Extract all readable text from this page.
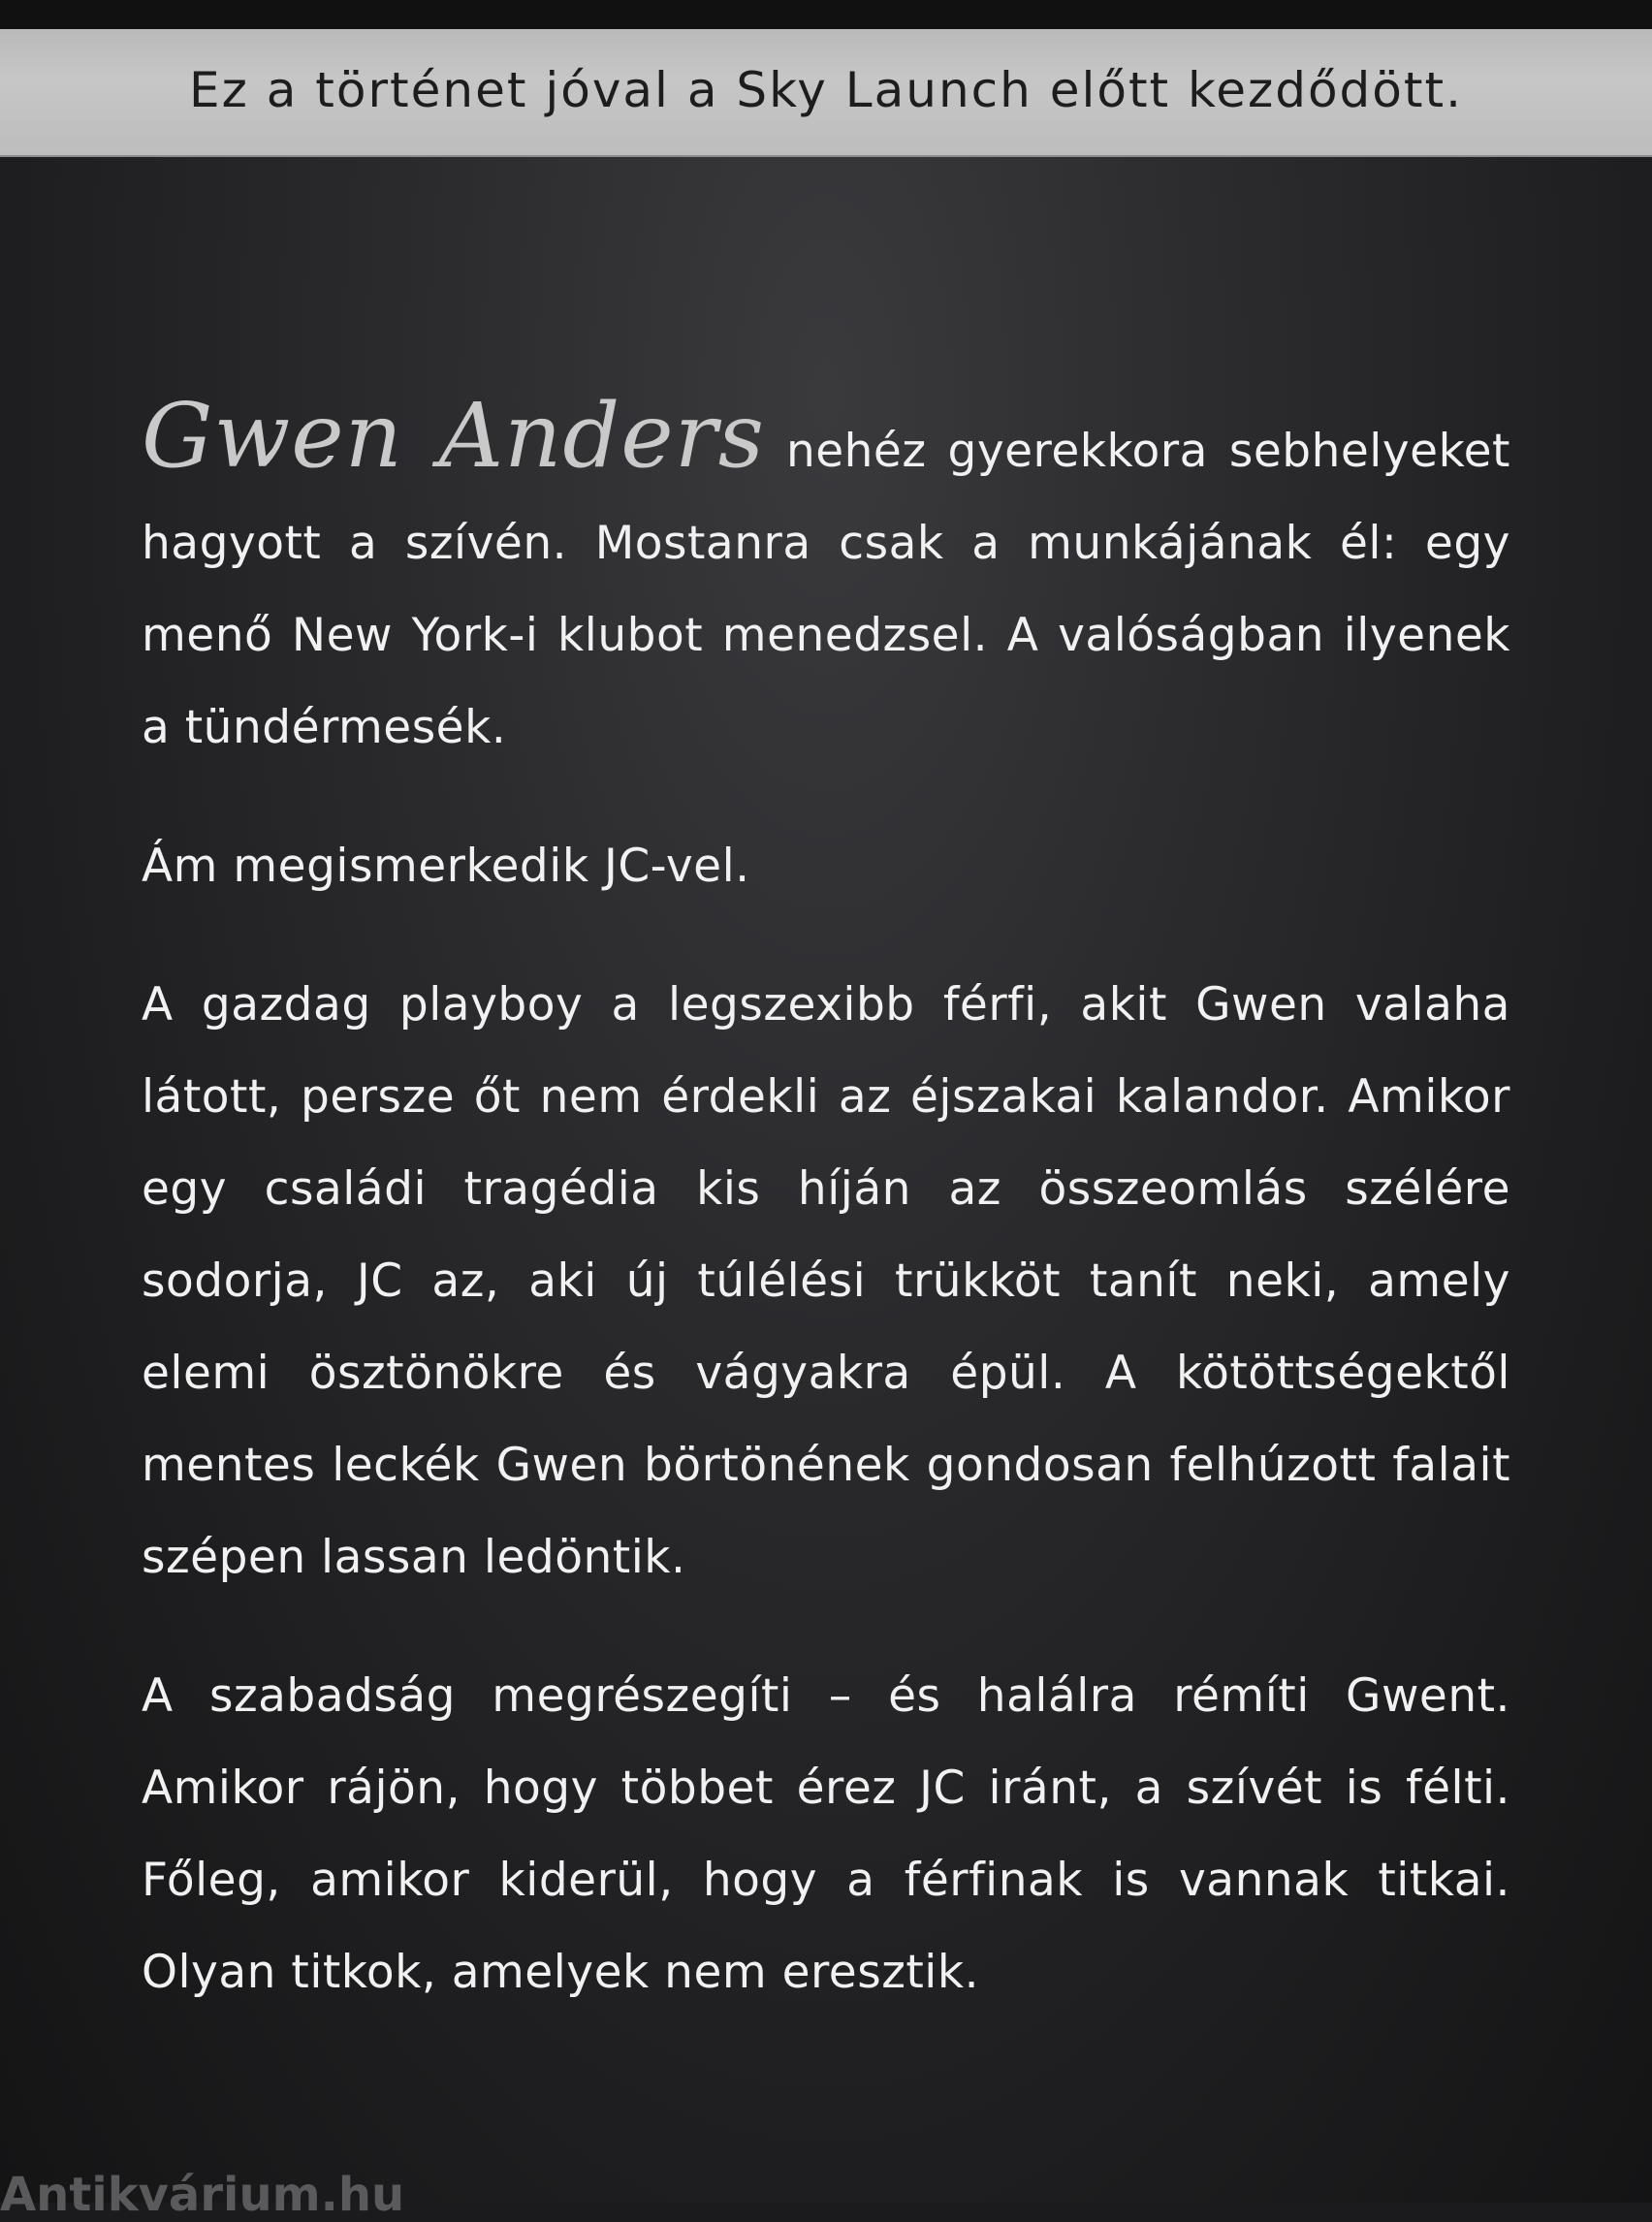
Ez a történet jóval a Sky Launch előtt kezdődött.

Gwen Anders nehéz gyerekkora sebhelyeket hagyott a szívén. Mostanra csak a munkájának él: egy menő New York-i klubot menedzsel. A valóságban ilyenek a tündérmesék.

Ám megismerkedik JC-vel.

A gazdag playboy a legszexibb férfi, akit Gwen valaha látott, persze őt nem érdekli az éjszakai kalandor. Amikor egy családi tragédia kis híján az összeomlás szélére sodorja, JC az, aki új túlélési trükköt tanít neki, amely elemi ösztönökre és vágyakra épül. A kötöttségektől mentes leckék Gwen börtönének gondosan felhúzott falait szépen lassan ledöntik.

A szabadság megrészegíti – és halálra rémíti Gwent. Amikor rájön, hogy többet érez JC iránt, a szívét is félti. Főleg, amikor kiderül, hogy a férfinak is vannak titkai. Olyan titkok, amelyek nem eresztik.

Antikvárium.hu
